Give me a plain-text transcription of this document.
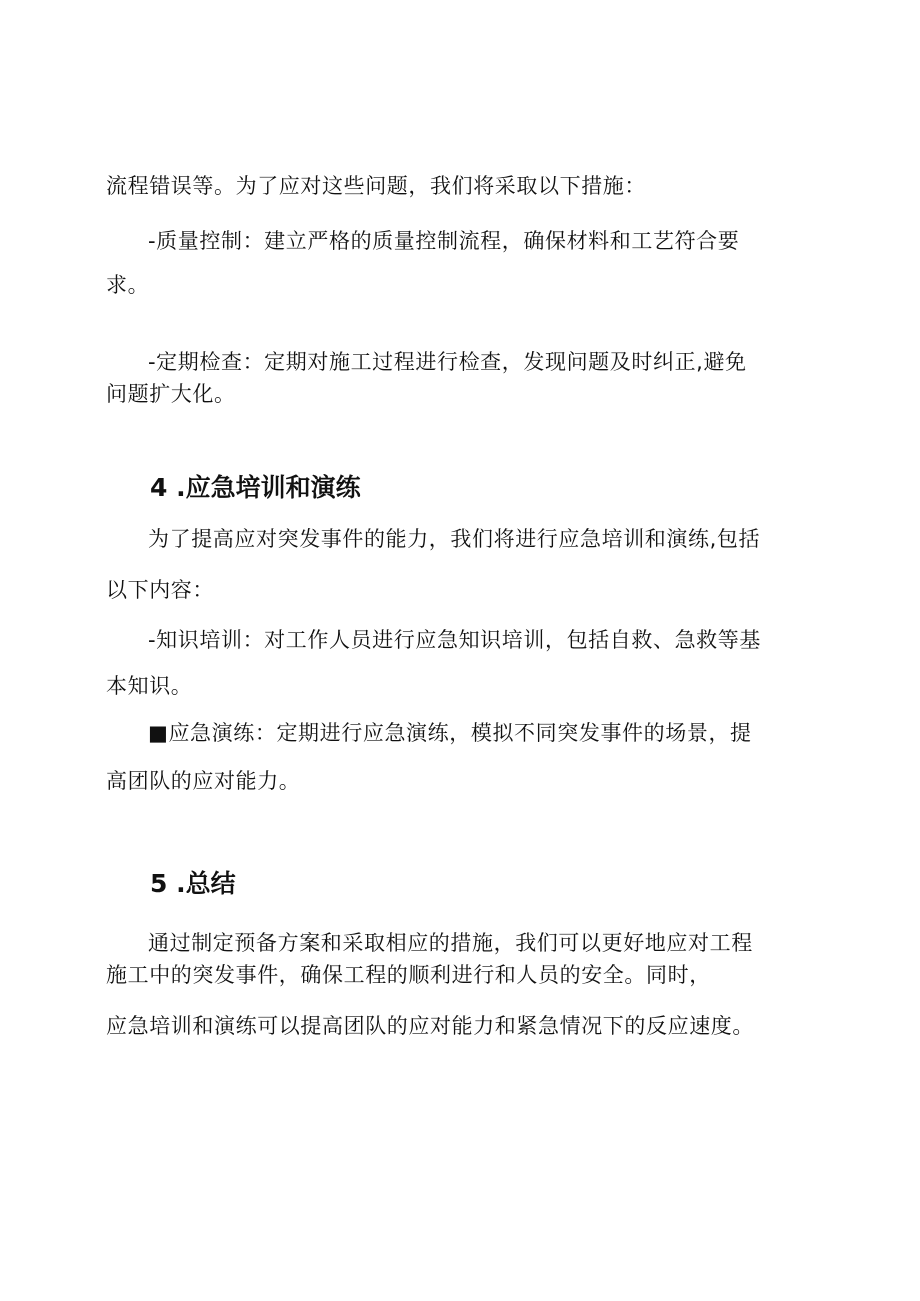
流程错误等。为了应对这些问题，我们将采取以下措施：
-质量控制：建立严格的质量控制流程，确保材料和工艺符合要
求。
-定期检查：定期对施工过程进行检查，发现问题及时纠正,避免
问题扩大化。
4 .应急培训和演练
为了提高应对突发事件的能力，我们将进行应急培训和演练,包括
以下内容：
-知识培训：对工作人员进行应急知识培训，包括自救、急救等基
本知识。
■应急演练：定期进行应急演练，模拟不同突发事件的场景，提
高团队的应对能力。
5 .总结
通过制定预备方案和采取相应的措施，我们可以更好地应对工程
施工中的突发事件，确保工程的顺利进行和人员的安全。同时，
应急培训和演练可以提高团队的应对能力和紧急情况下的反应速度。
